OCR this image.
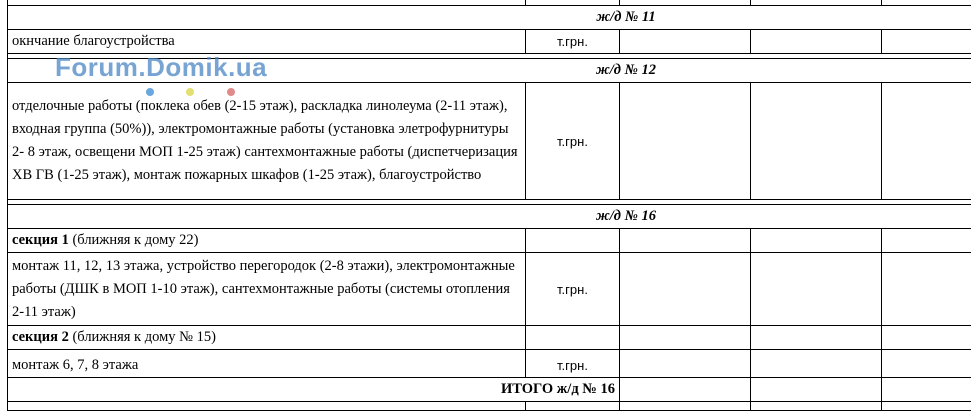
ж/д № 11				
окнчание благоустройства	т.грн.			

ж/д № 12				
отделочные работы (поклека обев (2-15 этаж), раскладка линолеума (2-11 этаж), входная группа (50%)), электромонтажные работы (установка элетрофурнитуры 2- 8 этаж, освещени МОП 1-25 этаж) сантехмонтажные работы (диспетчеризация ХВ ГВ (1-25 этаж), монтаж пожарных шкафов (1-25 этаж), благоустройство	т.грн.			

ж/д № 16				
секция 1 (ближняя к дому 22)				
монтаж 11, 12, 13 этажа, устройство перегородок (2-8 этажи), электромонтажные работы (ДШК в МОП 1-10 этаж), сантехмонтажные работы (системы отопления 2-11 этаж)	т.грн.			
секция 2 (ближняя к дому № 15)				
монтаж 6, 7, 8 этажа	т.грн.			
ИТОГО ж/д № 16				

Forum.Domik.ua
